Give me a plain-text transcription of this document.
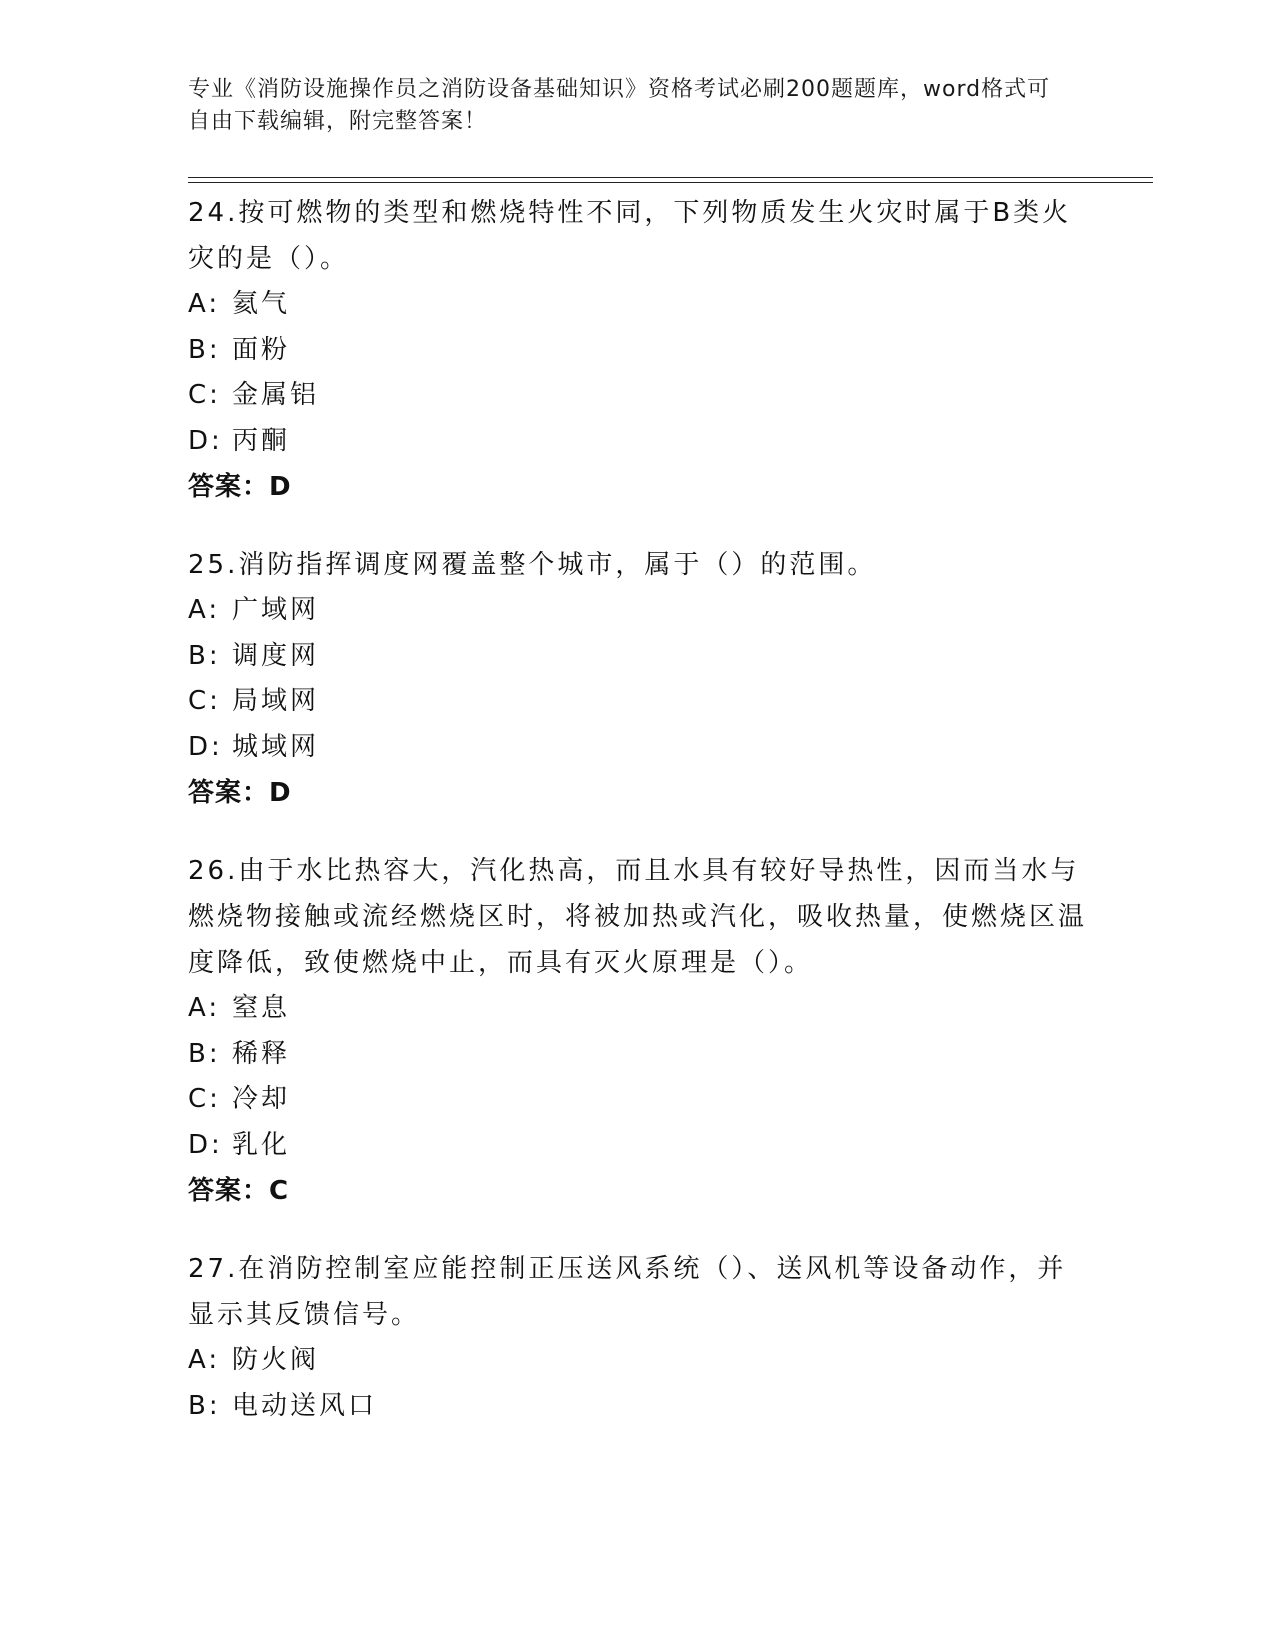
专业《消防设施操作员之消防设备基础知识》资格考试必刷200题题库，word格式可自由下载编辑，附完整答案！

24.按可燃物的类型和燃烧特性不同，下列物质发生火灾时属于B类火灾的是（）。

A: 氦气
B: 面粉
C: 金属铝
D: 丙酮
答案：D

25.消防指挥调度网覆盖整个城市，属于（）的范围。

A: 广域网
B: 调度网
C: 局域网
D: 城域网
答案：D

26.由于水比热容大，汽化热高，而且水具有较好导热性，因而当水与燃烧物接触或流经燃烧区时，将被加热或汽化，吸收热量，使燃烧区温度降低，致使燃烧中止，而具有灭火原理是（）。

A: 窒息
B: 稀释
C: 冷却
D: 乳化
答案：C

27.在消防控制室应能控制正压送风系统（）、送风机等设备动作，并显示其反馈信号。

A: 防火阀
B: 电动送风口
